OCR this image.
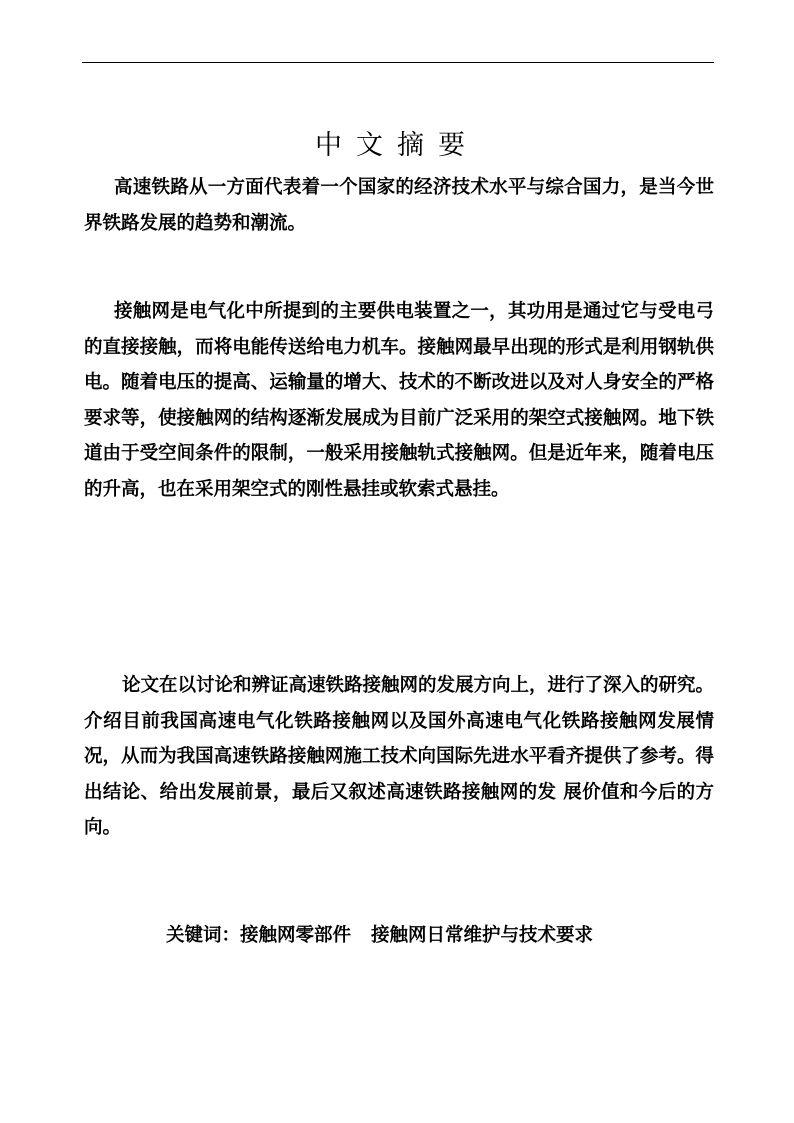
中文摘要

高速铁路从一方面代表着一个国家的经济技术水平与综合国力，是当今世界铁路发展的趋势和潮流。

接触网是电气化中所提到的主要供电装置之一，其功用是通过它与受电弓的直接接触，而将电能传送给电力机车。接触网最早出现的形式是利用钢轨供电。随着电压的提高、运输量的增大、技术的不断改进以及对人身安全的严格要求等，使接触网的结构逐渐发展成为目前广泛采用的架空式接触网。地下铁道由于受空间条件的限制，一般采用接触轨式接触网。但是近年来，随着电压的升高，也在采用架空式的刚性悬挂或软索式悬挂。

论文在以讨论和辨证高速铁路接触网的发展方向上，进行了深入的研究。 介绍目前我国高速电气化铁路接触网以及国外高速电气化铁路接触网发展情况，从而为我国高速铁路接触网施工技术向国际先进水平看齐提供了参考。得出结论、给出发展前景，最后又叙述高速铁路接触网的发 展价值和今后的方向。

关键词：接触网零部件 接触网日常维护与技术要求
